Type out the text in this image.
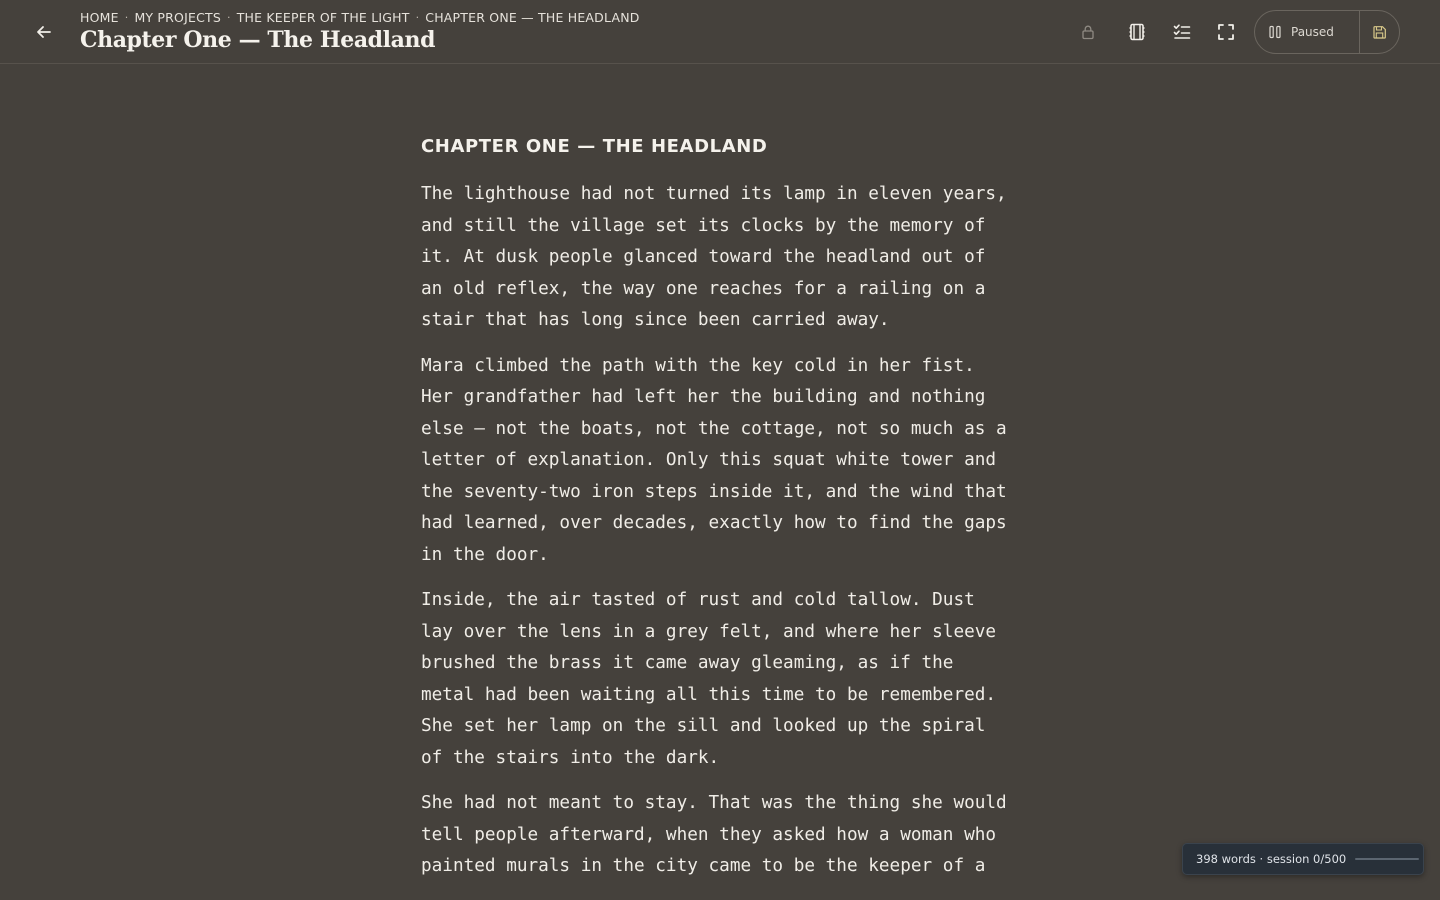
HOME · MY PROJECTS · THE KEEPER OF THE LIGHT · CHAPTER ONE — THE HEADLAND
Chapter One — The Headland	Paused
CHAPTER ONE — THE HEADLAND

The lighthouse had not turned its lamp in eleven years,
and still the village set its clocks by the memory of
it. At dusk people glanced toward the headland out of
an old reflex, the way one reaches for a railing on a
stair that has long since been carried away.

Mara climbed the path with the key cold in her fist.
Her grandfather had left her the building and nothing
else — not the boats, not the cottage, not so much as a
letter of explanation. Only this squat white tower and
the seventy-two iron steps inside it, and the wind that
had learned, over decades, exactly how to find the gaps
in the door.

Inside, the air tasted of rust and cold tallow. Dust
lay over the lens in a grey felt, and where her sleeve
brushed the brass it came away gleaming, as if the
metal had been waiting all this time to be remembered.
She set her lamp on the sill and looked up the spiral
of the stairs into the dark.

She had not meant to stay. That was the thing she would
tell people afterward, when they asked how a woman who
painted murals in the city came to be the keeper of a	398 words · session 0/500
